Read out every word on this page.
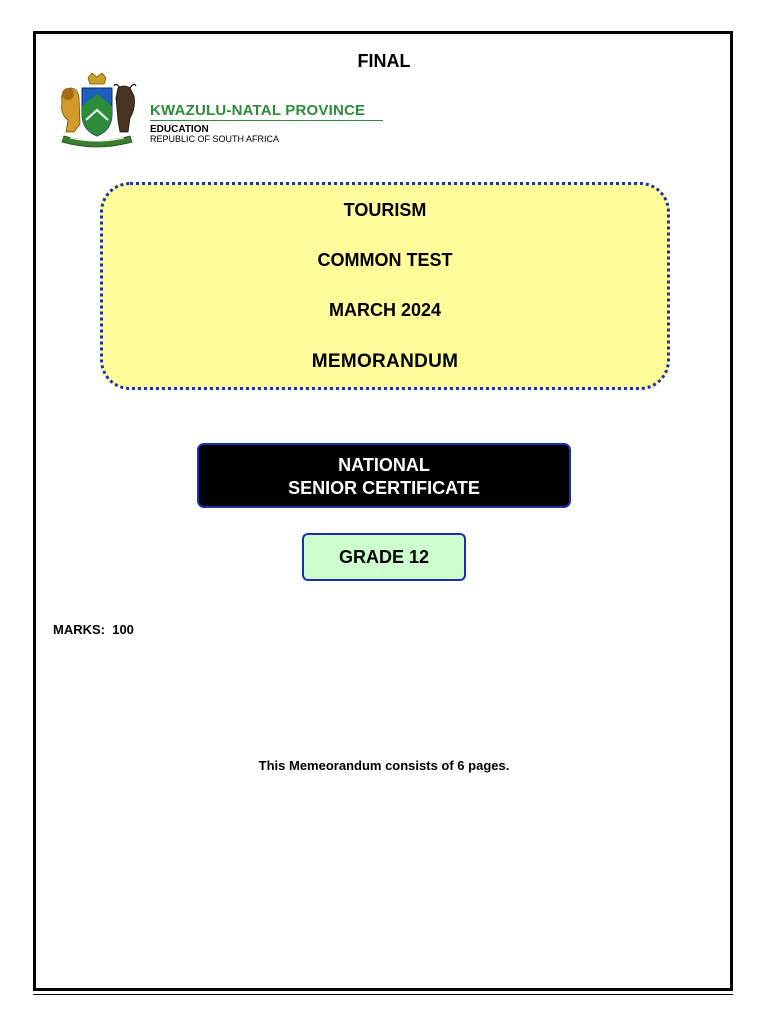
FINAL
KWAZULU-NATAL PROVINCE
EDUCATION
REPUBLIC OF SOUTH AFRICA
TOURISM
COMMON TEST
MARCH 2024
MEMORANDUM
NATIONAL
SENIOR CERTIFICATE
GRADE 12
MARKS:  100
This Memeorandum consists of 6 pages.
